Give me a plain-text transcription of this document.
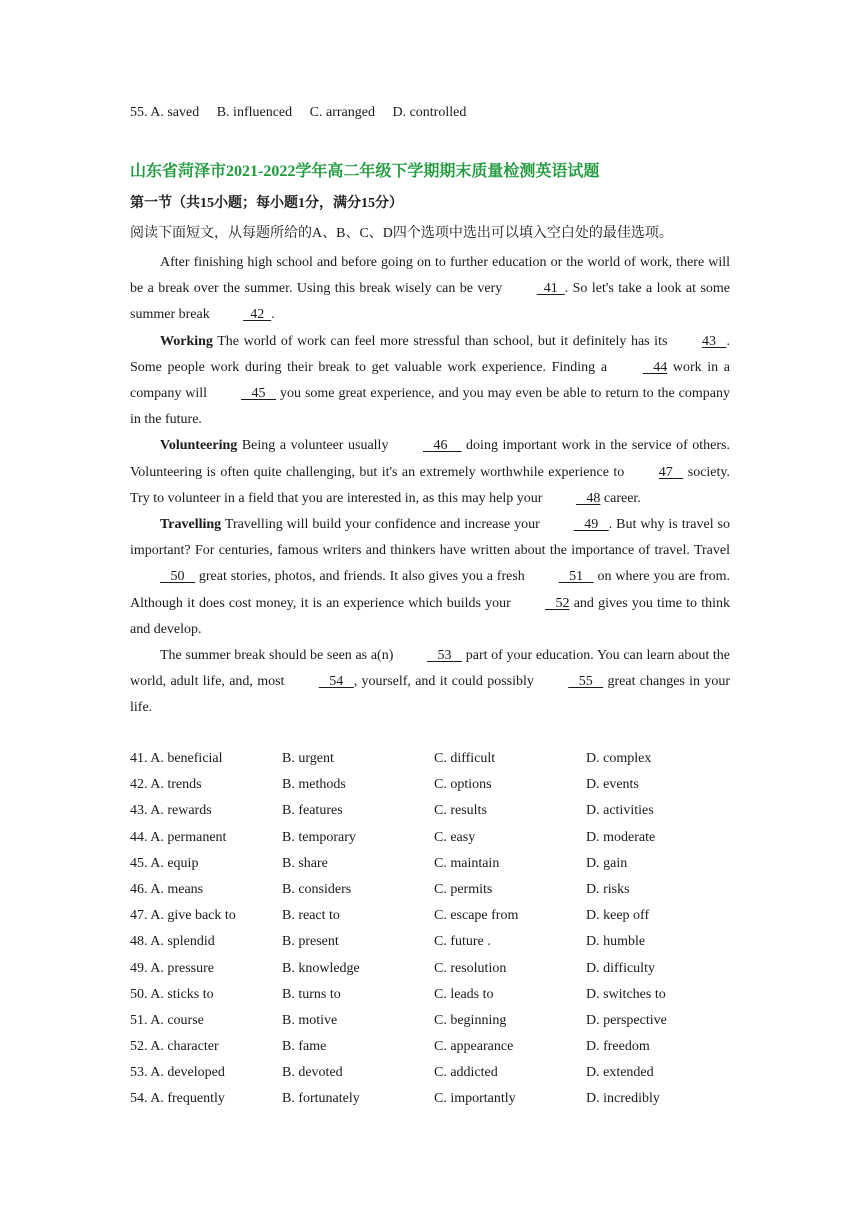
55. A. saved B. influenced C. arranged D. controlled
山东省菏泽市2021-2022学年高二年级下学期期末质量检测英语试题
第一节（共15小题；每小题1分，满分15分）
阅读下面短文，从每题所给的A、B、C、D四个选项中选出可以填入空白处的最佳选项。

After finishing high school and before going on to further education or the world of work, there will be a break over the summer. Using this break wisely can be very   41  . So let's take a look at some summer break   42  .

Working The world of work can feel more stressful than school, but it definitely has its 43   . Some people work during their break to get valuable work experience. Finding a    44 work in a company will    45    you some great experience, and you may even be able to return to the company in the future.

Volunteering Being a volunteer usually    46     doing important work in the service of others. Volunteering is often quite challenging, but it's an extremely worthwhile experience to 47    society. Try to volunteer in a field that you are interested in, as this may help your    48 career.

Travelling Travelling will build your confidence and increase your    49   . But why is travel so important? For centuries, famous writers and thinkers have written about the importance of travel. Travel    50    great stories, photos, and friends. It also gives you a fresh    51    on where you are from. Although it does cost money, it is an experience which builds your    52 and gives you time to think and develop.

The summer break should be seen as a(n)    53    part of your education. You can learn about the world, adult life, and, most    54   , yourself, and it could possibly    55    great changes in your life.

41. A. beneficial	B. urgent	C. difficult	D. complex
42. A. trends	B. methods	C. options	D. events
43. A. rewards	B. features	C. results	D. activities
44. A. permanent	B. temporary	C. easy	D. moderate
45. A. equip	B. share	C. maintain	D. gain
46. A. means	B. considers	C. permits	D. risks
47. A. give back to	B. react to	C. escape from	D. keep off
48. A. splendid	B. present	C. future .	D. humble
49. A. pressure	B. knowledge	C. resolution	D. difficulty
50. A. sticks to	B. turns to	C. leads to	D. switches to
51. A. course	B. motive	C. beginning	D. perspective
52. A. character	B. fame	C. appearance	D. freedom
53. A. developed	B. devoted	C. addicted	D. extended
54. A. frequently	B. fortunately	C. importantly	D. incredibly
